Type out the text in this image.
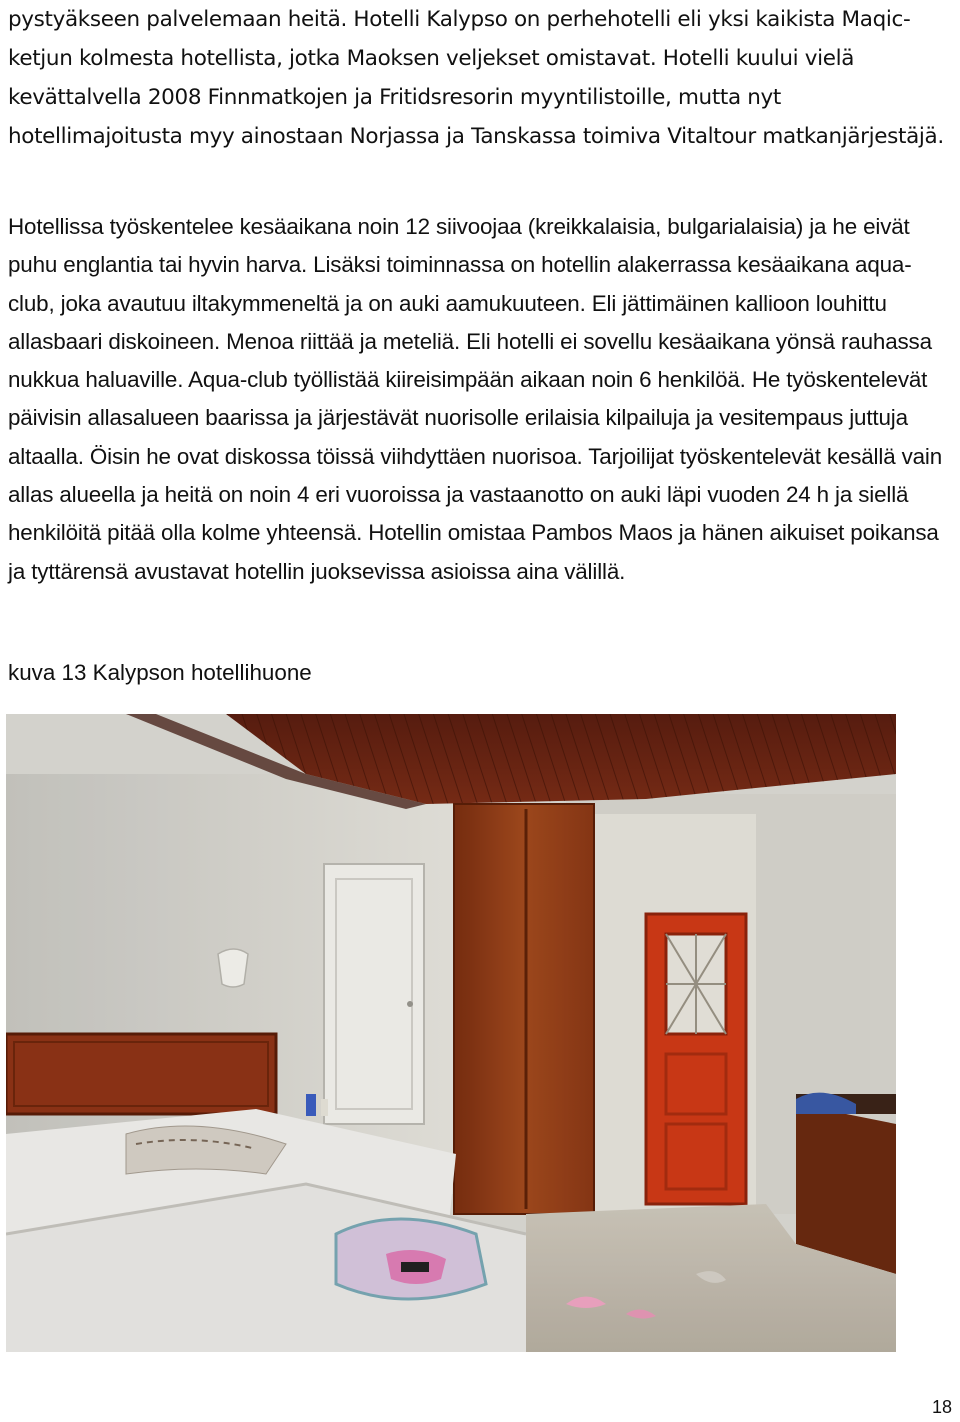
pystyäkseen palvelemaan heitä. Hotelli Kalypso on perhehotelli eli yksi kaikista Maqic-ketjun kolmesta hotellista, jotka Maoksen veljekset omistavat. Hotelli kuului vielä kevättalvella 2008 Finnmatkojen ja Fritidsresorin myyntilistoille, mutta nyt hotellimajoitusta myy ainostaan Norjassa ja Tanskassa toimiva Vitaltour matkanjärjestäjä.

Hotellissa työskentelee kesäaikana noin 12 siivoojaa (kreikkalaisia, bulgarialaisia) ja he eivät puhu englantia tai hyvin harva. Lisäksi toiminnassa on hotellin alakerrassa kesäaikana aqua-club, joka avautuu iltakymmeneltä ja on auki aamukuuteen. Eli jättimäinen kallioon louhittu allasbaari diskoineen. Menoa riittää ja meteliä. Eli hotelli ei sovellu kesäaikana yönsä rauhassa nukkua haluaville. Aqua-club työllistää kiireisimpään aikaan noin 6 henkilöä. He työskentelevät päivisin allasalueen baarissa ja järjestävät nuorisolle erilaisia kilpailuja ja vesitempaus juttuja altaalla. Öisin he ovat diskossa töissä viihdyttäen nuorisoa. Tarjoilijat työskentelevät kesällä vain allas alueella ja heitä on noin 4 eri vuoroissa ja vastaanotto on auki läpi vuoden 24 h ja siellä henkilöitä pitää olla kolme yhteensä. Hotellin omistaa Pambos Maos ja hänen aikuiset poikansa ja tyttärensä avustavat hotellin juoksevissa asioissa aina välillä.

kuva 13 Kalypson hotellihuone
18
